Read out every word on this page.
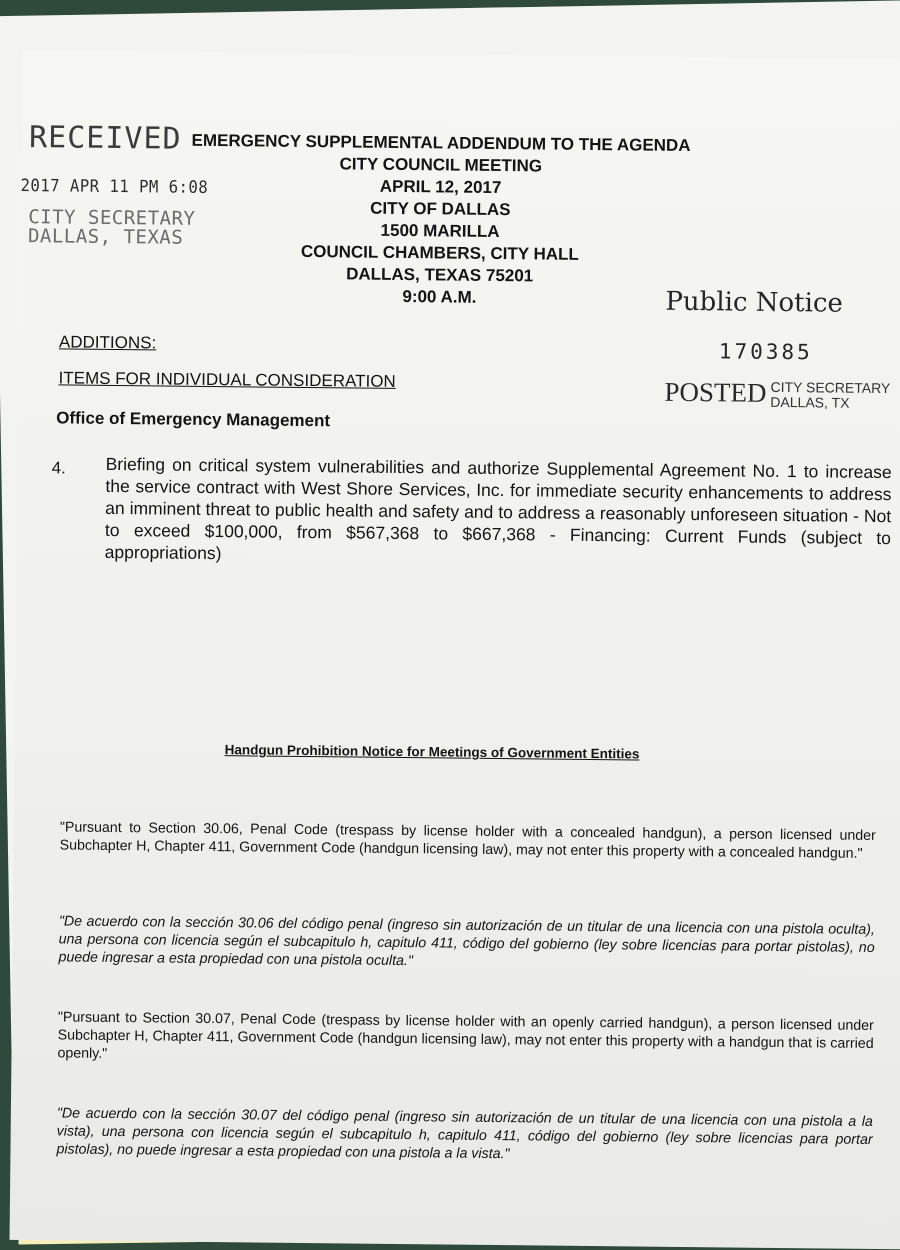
RECEIVED
2017 APR 11 PM 6:08
CITY SECRETARY
DALLAS, TEXAS
EMERGENCY SUPPLEMENTAL ADDENDUM TO THE AGENDA
CITY COUNCIL MEETING
APRIL 12, 2017
CITY OF DALLAS
1500 MARILLA
COUNCIL CHAMBERS, CITY HALL
DALLAS, TEXAS 75201
9:00 A.M.	Public Notice
170385
POSTED CITY SECRETARY
DALLAS, TX
ADDITIONS:
ITEMS FOR INDIVIDUAL CONSIDERATION
Office of Emergency Management
4. Briefing on critical system vulnerabilities and authorize Supplemental Agreement No. 1 to increase the service contract with West Shore Services, Inc. for immediate security enhancements to address an imminent threat to public health and safety and to address a reasonably unforeseen situation - Not to exceed $100,000, from $567,368 to $667,368 - Financing: Current Funds (subject to appropriations)
Handgun Prohibition Notice for Meetings of Government Entities
"Pursuant to Section 30.06, Penal Code (trespass by license holder with a concealed handgun), a person licensed under Subchapter H, Chapter 411, Government Code (handgun licensing law), may not enter this property with a concealed handgun."
"De acuerdo con la sección 30.06 del código penal (ingreso sin autorización de un titular de una licencia con una pistola oculta), una persona con licencia según el subcapitulo h, capitulo 411, código del gobierno (ley sobre licencias para portar pistolas), no puede ingresar a esta propiedad con una pistola oculta."
"Pursuant to Section 30.07, Penal Code (trespass by license holder with an openly carried handgun), a person licensed under Subchapter H, Chapter 411, Government Code (handgun licensing law), may not enter this property with a handgun that is carried openly."
"De acuerdo con la sección 30.07 del código penal (ingreso sin autorización de un titular de una licencia con una pistola a la vista), una persona con licencia según el subcapitulo h, capitulo 411, código del gobierno (ley sobre licencias para portar pistolas), no puede ingresar a esta propiedad con una pistola a la vista."
